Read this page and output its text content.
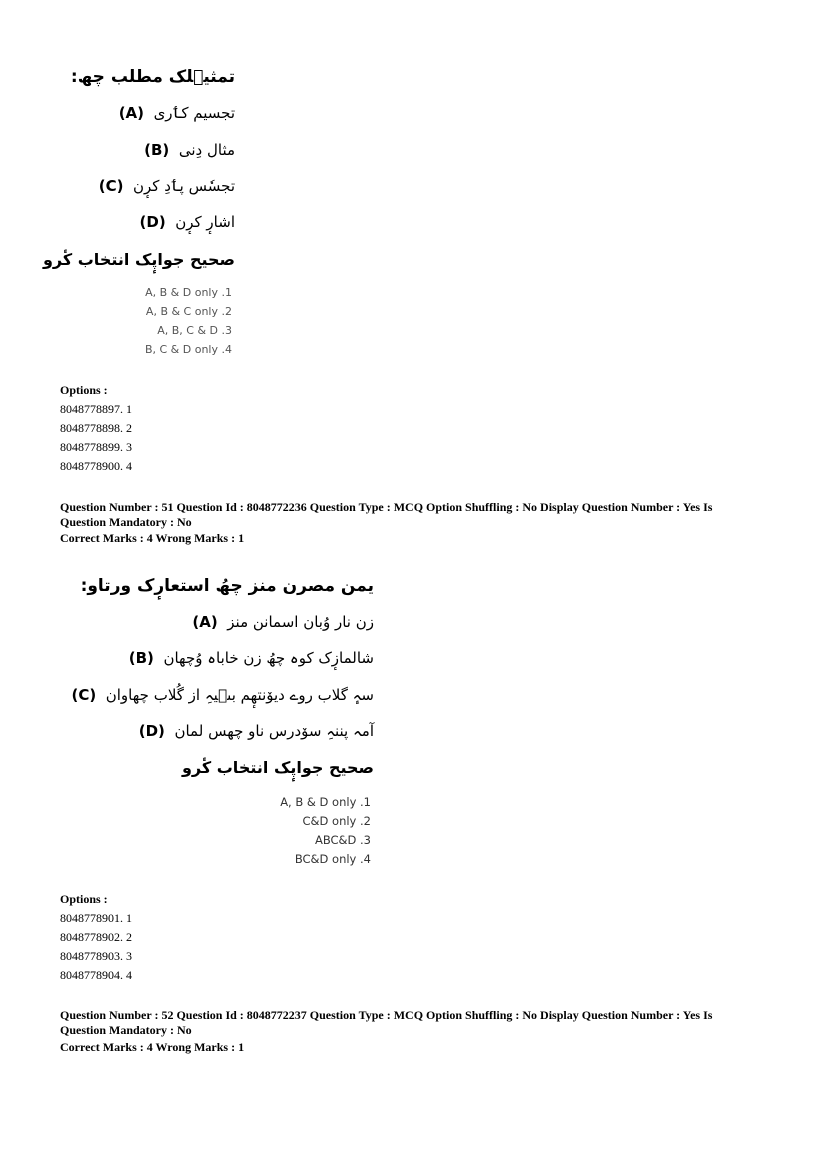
تمثیٖلک مطلب چھ:
(A) تجسیم کٲری
(B) مثال دِنی
(C) تجسٗس پٲدِ کرٕن
(D) اشارٕ کرٕن
صحیح جواپٕک انتخاب کٔرو
A, B & D only .1
A, B & C only .2
A, B, C & D .3
B, C & D only .4
Options :
8048778897. 1
8048778898. 2
8048778899. 3
8048778900. 4
Question Number : 51 Question Id : 8048772236 Question Type : MCQ Option Shuffling : No Display Question Number : Yes Is Question Mandatory : No
Correct Marks : 4 Wrong Marks : 1
یمن مصرن منز چھُ استعارٕک ورتاو:
(A) زن نار وُبان اسمانن منز
(B) شالمازٕک کوہ چھُ زن خاباہ وُچھان
(C) سہٕ گلاب روے دیوٚنتھٕم بٮ۪یہِ از گُلاب چھاوان
(D) آمہ پننہِ سوٚدرس ناو چھس لمان
صحیح جواپٕک انتخاب کٔرو
A, B & D only .1
C&D only .2
ABC&D .3
BC&D only .4
Options :
8048778901. 1
8048778902. 2
8048778903. 3
8048778904. 4
Question Number : 52 Question Id : 8048772237 Question Type : MCQ Option Shuffling : No Display Question Number : Yes Is Question Mandatory : No
Correct Marks : 4 Wrong Marks : 1
